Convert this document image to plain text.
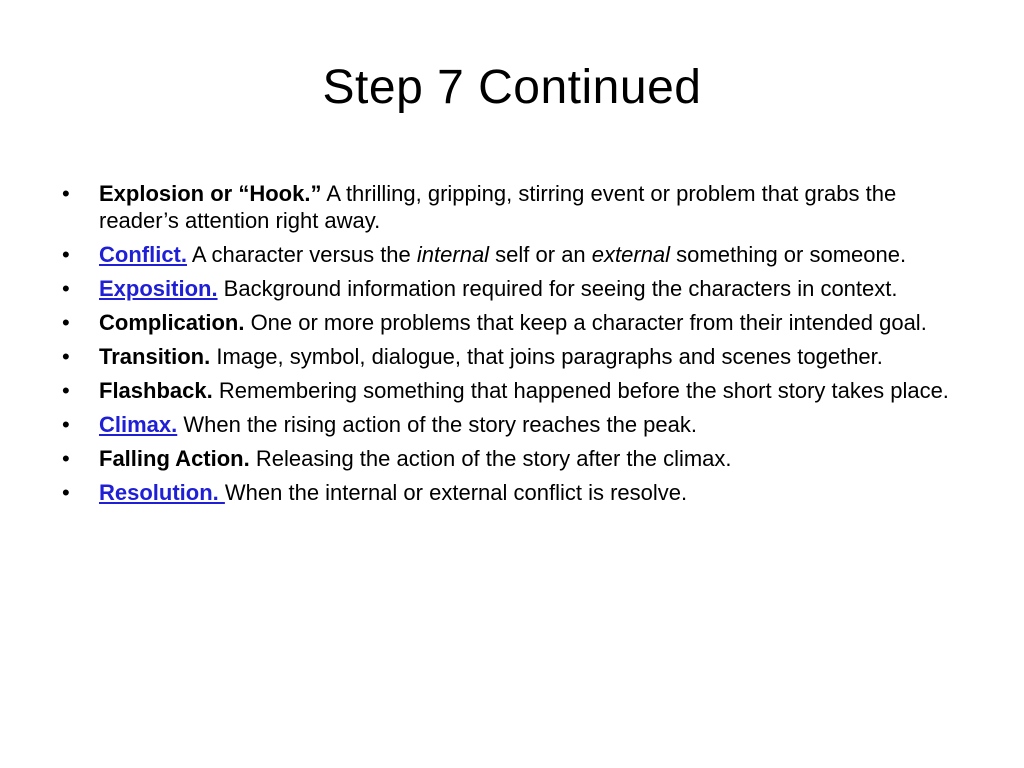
Step 7 Continued
• Explosion or “Hook.” A thrilling, gripping, stirring event or problem that grabs the reader’s attention right away.
• Conflict. A character versus the internal self or an external something or someone.
• Exposition. Background information required for seeing the characters in context.
• Complication. One or more problems that keep a character from their intended goal.
• Transition. Image, symbol, dialogue, that joins paragraphs and scenes together.
• Flashback. Remembering something that happened before the short story takes place.
• Climax. When the rising action of the story reaches the peak.
• Falling Action. Releasing the action of the story after the climax.
• Resolution. When the internal or external conflict is resolve.
